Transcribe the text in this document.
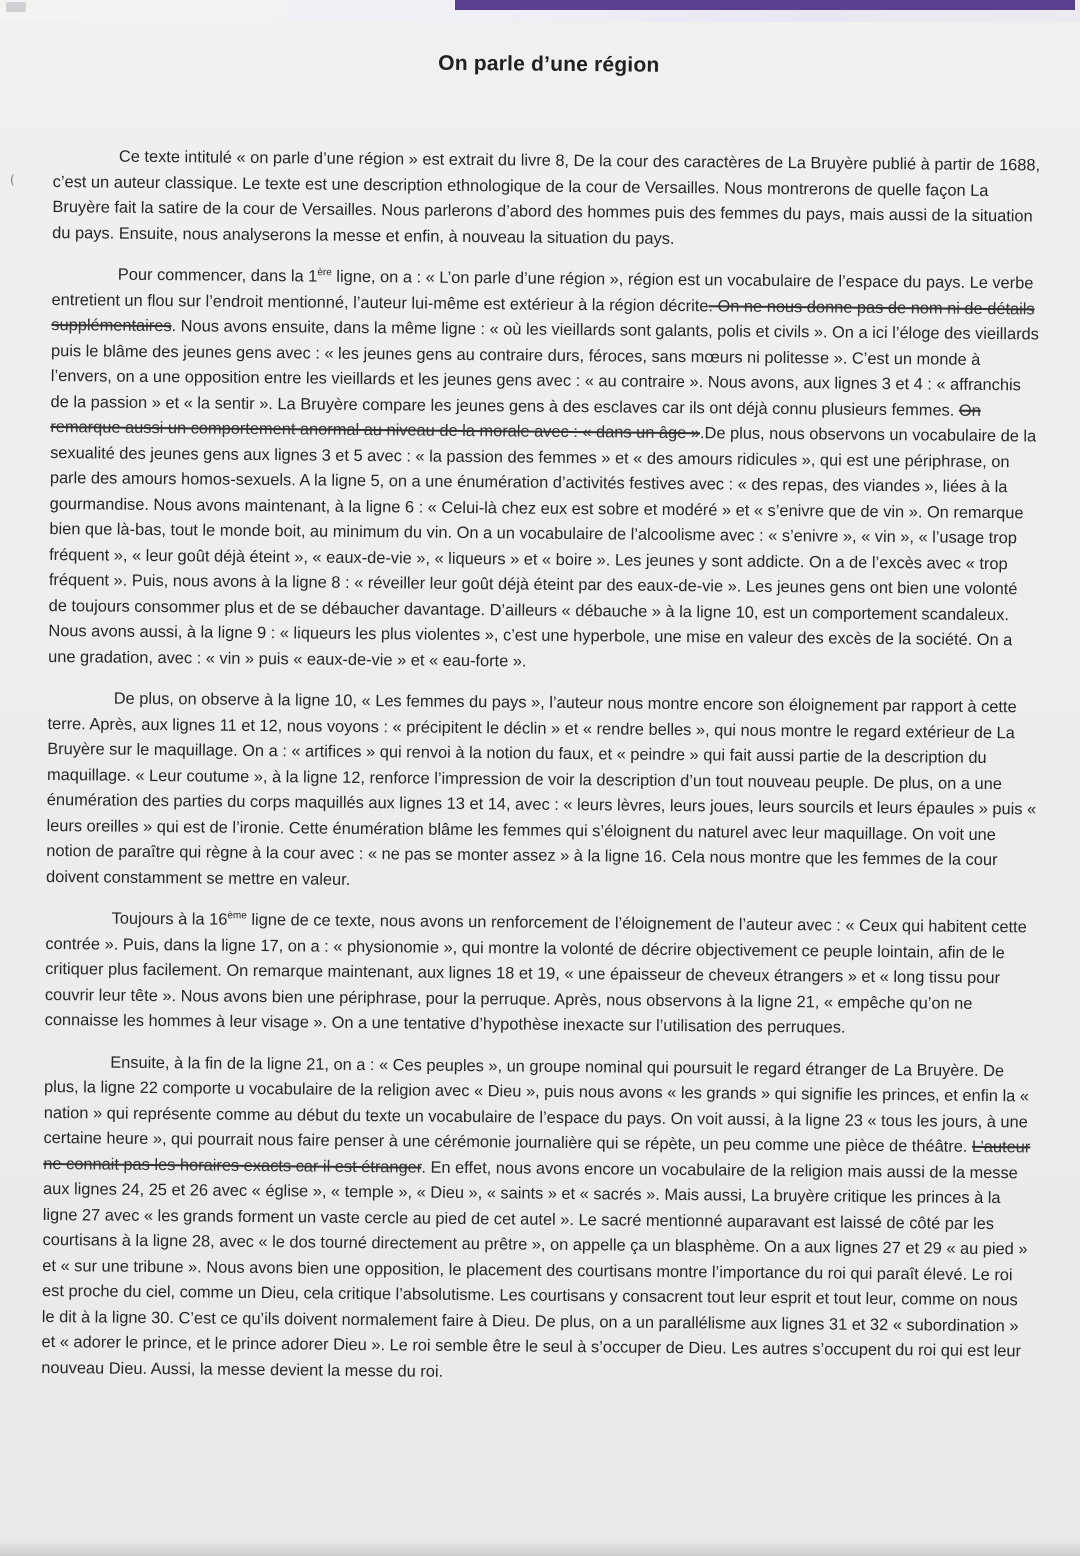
(
On parle d’une région

Ce texte intitulé « on parle d’une région » est extrait du livre 8, De la cour des caractères de La Bruyère publié à partir de 1688, c’est un auteur classique. Le texte est une description ethnologique de la cour de Versailles. Nous montrerons de quelle façon La Bruyère fait la satire de la cour de Versailles. Nous parlerons d’abord des hommes puis des femmes du pays, mais aussi de la situation du pays. Ensuite, nous analyserons la messe et enfin, à nouveau la situation du pays.

Pour commencer, dans la 1ère ligne, on a : « L’on parle d’une région », région est un vocabulaire de l’espace du pays. Le verbe entretient un flou sur l’endroit mentionné, l’auteur lui-même est extérieur à la région décrite. On ne nous donne pas de nom ni de détails supplémentaires. Nous avons ensuite, dans la même ligne : « où les vieillards sont galants, polis et civils ». On a ici l’éloge des vieillards puis le blâme des jeunes gens avec : « les jeunes gens au contraire durs, féroces, sans mœurs ni politesse ». C’est un monde à l’envers, on a une opposition entre les vieillards et les jeunes gens avec : « au contraire ». Nous avons, aux lignes 3 et 4 : « affranchis de la passion » et « la sentir ». La Bruyère compare les jeunes gens à des esclaves car ils ont déjà connu plusieurs femmes. On remarque aussi un comportement anormal au niveau de la morale avec : « dans un âge ».De plus, nous observons un vocabulaire de la sexualité des jeunes gens aux lignes 3 et 5 avec : « la passion des femmes » et « des amours ridicules », qui est une périphrase, on parle des amours homos-sexuels. A la ligne 5, on a une énumération d’activités festives avec : « des repas, des viandes », liées à la gourmandise. Nous avons maintenant, à la ligne 6 : « Celui-là chez eux est sobre et modéré » et « s’enivre que de vin ». On remarque bien que là-bas, tout le monde boit, au minimum du vin. On a un vocabulaire de l’alcoolisme avec : « s’enivre », « vin », « l’usage trop fréquent », « leur goût déjà éteint », « eaux-de-vie », « liqueurs » et « boire ». Les jeunes y sont addicte. On a de l’excès avec « trop fréquent ». Puis, nous avons à la ligne 8 : « réveiller leur goût déjà éteint par des eaux-de-vie ». Les jeunes gens ont bien une volonté de toujours consommer plus et de se débaucher davantage. D’ailleurs « débauche » à la ligne 10, est un comportement scandaleux. Nous avons aussi, à la ligne 9 : « liqueurs les plus violentes », c’est une hyperbole, une mise en valeur des excès de la société. On a une gradation, avec : « vin » puis « eaux-de-vie » et « eau-forte ».

De plus, on observe à la ligne 10, « Les femmes du pays », l’auteur nous montre encore son éloignement par rapport à cette terre. Après, aux lignes 11 et 12, nous voyons : « précipitent le déclin » et « rendre belles », qui nous montre le regard extérieur de La Bruyère sur le maquillage. On a : « artifices » qui renvoi à la notion du faux, et « peindre » qui fait aussi partie de la description du maquillage. « Leur coutume », à la ligne 12, renforce l’impression de voir la description d’un tout nouveau peuple. De plus, on a une énumération des parties du corps maquillés aux lignes 13 et 14, avec : « leurs lèvres, leurs joues, leurs sourcils et leurs épaules » puis « leurs oreilles » qui est de l’ironie. Cette énumération blâme les femmes qui s’éloignent du naturel avec leur maquillage. On voit une notion de paraître qui règne à la cour avec : « ne pas se monter assez » à la ligne 16. Cela nous montre que les femmes de la cour doivent constamment se mettre en valeur.

Toujours à la 16ème ligne de ce texte, nous avons un renforcement de l’éloignement de l’auteur avec : « Ceux qui habitent cette contrée ». Puis, dans la ligne 17, on a : « physionomie », qui montre la volonté de décrire objectivement ce peuple lointain, afin de le critiquer plus facilement. On remarque maintenant, aux lignes 18 et 19, « une épaisseur de cheveux étrangers » et « long tissu pour couvrir leur tête ». Nous avons bien une périphrase, pour la perruque. Après, nous observons à la ligne 21, « empêche qu’on ne connaisse les hommes à leur visage ». On a une tentative d’hypothèse inexacte sur l’utilisation des perruques.

Ensuite, à la fin de la ligne 21, on a : « Ces peuples », un groupe nominal qui poursuit le regard étranger de La Bruyère. De plus, la ligne 22 comporte u vocabulaire de la religion avec « Dieu », puis nous avons « les grands » qui signifie les princes, et enfin la « nation » qui représente comme au début du texte un vocabulaire de l’espace du pays. On voit aussi, à la ligne 23 « tous les jours, à une certaine heure », qui pourrait nous faire penser à une cérémonie journalière qui se répète, un peu comme une pièce de théâtre. L’auteur ne connait pas les horaires exacts car il est étranger. En effet, nous avons encore un vocabulaire de la religion mais aussi de la messe aux lignes 24, 25 et 26 avec « église », « temple », « Dieu », « saints » et « sacrés ». Mais aussi, La bruyère critique les princes à la ligne 27 avec « les grands forment un vaste cercle au pied de cet autel ». Le sacré mentionné auparavant est laissé de côté par les courtisans à la ligne 28, avec « le dos tourné directement au prêtre », on appelle ça un blasphème. On a aux lignes 27 et 29 « au pied » et « sur une tribune ». Nous avons bien une opposition, le placement des courtisans montre l’importance du roi qui paraît élevé. Le roi est proche du ciel, comme un Dieu, cela critique l’absolutisme. Les courtisans y consacrent tout leur esprit et tout leur, comme on nous le dit à la ligne 30. C’est ce qu’ils doivent normalement faire à Dieu. De plus, on a un parallélisme aux lignes 31 et 32 « subordination » et « adorer le prince, et le prince adorer Dieu ». Le roi semble être le seul à s’occuper de Dieu. Les autres s’occupent du roi qui est leur nouveau Dieu. Aussi, la messe devient la messe du roi.
